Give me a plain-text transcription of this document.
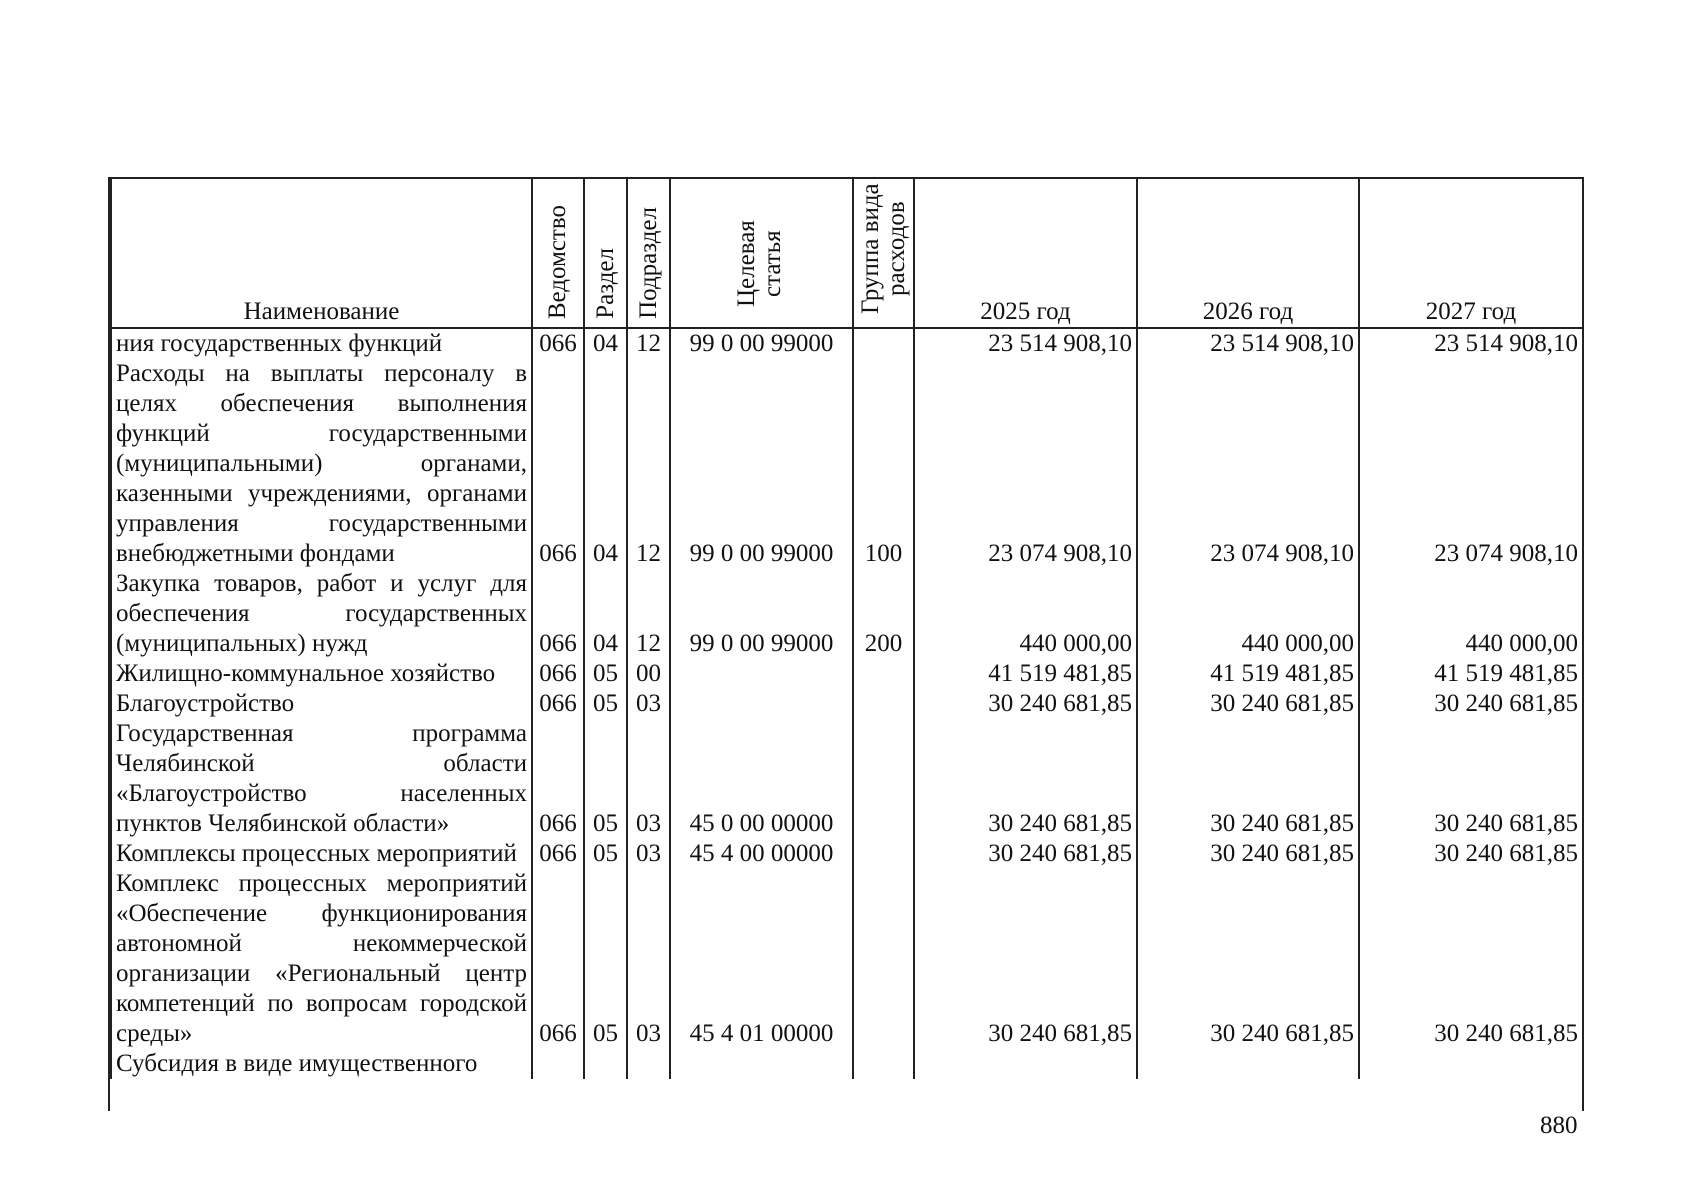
Наименование	Ведомство	Раздел	Подраздел	Целевая статья	Группа вида расходов	2025 год	2026 год	2027 год
ния государственных функций	066	04	12	99 0 00 99000		23 514 908,10	23 514 908,10	23 514 908,10
Расходы на выплаты персоналу в целях обеспечения выполнения функций государственными (муниципальными) органами, казенными учреждениями, органами управления государственными внебюджетными фондами	066	04	12	99 0 00 99000	100	23 074 908,10	23 074 908,10	23 074 908,10
Закупка товаров, работ и услуг для обеспечения государственных (муниципальных) нужд	066	04	12	99 0 00 99000	200	440 000,00	440 000,00	440 000,00
Жилищно-коммунальное хозяйство	066	05	00			41 519 481,85	41 519 481,85	41 519 481,85
Благоустройство	066	05	03			30 240 681,85	30 240 681,85	30 240 681,85
Государственная программа Челябинской области «Благоустройство населенных пунктов Челябинской области»	066	05	03	45 0 00 00000		30 240 681,85	30 240 681,85	30 240 681,85
Комплексы процессных мероприятий	066	05	03	45 4 00 00000		30 240 681,85	30 240 681,85	30 240 681,85
Комплекс процессных мероприятий «Обеспечение функционирования автономной некоммерческой организации «Региональный центр компетенций по вопросам городской среды»	066	05	03	45 4 01 00000		30 240 681,85	30 240 681,85	30 240 681,85
Субсидия в виде имущественного								
880
